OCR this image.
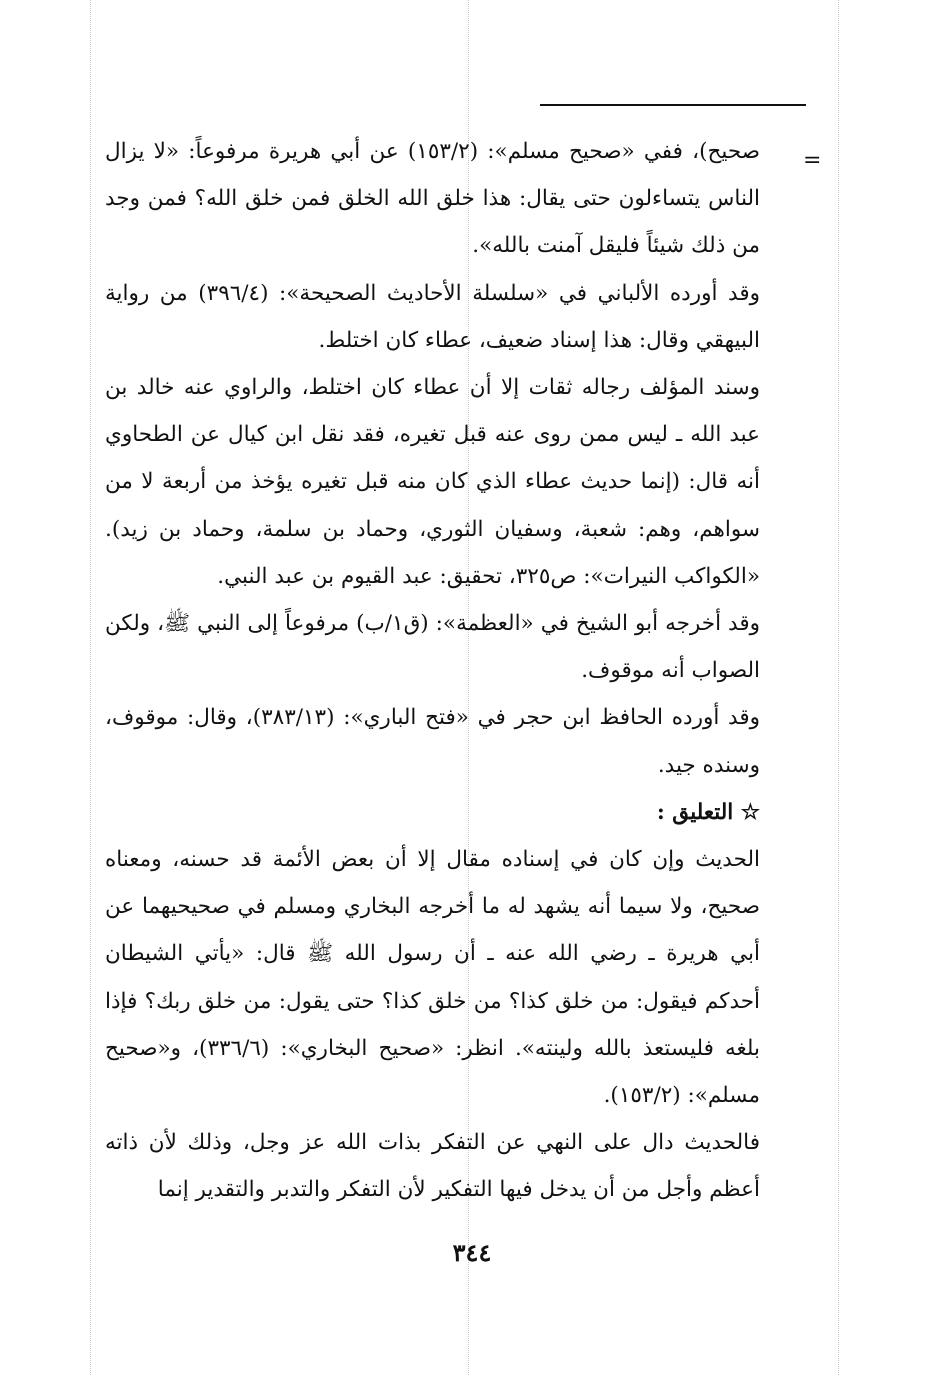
=

صحيح)، ففي «صحيح مسلم»: (١٥٣/٢) عن أبي هريرة مرفوعاً: «لا يزال الناس يتساءلون حتى يقال: هذا خلق الله الخلق فمن خلق الله؟ فمن وجد من ذلك شيئاً فليقل آمنت بالله».

وقد أورده الألباني في «سلسلة الأحاديث الصحيحة»: (٣٩٦/٤) من رواية البيهقي وقال: هذا إسناد ضعيف، عطاء كان اختلط.

وسند المؤلف رجاله ثقات إلا أن عطاء كان اختلط، والراوي عنه خالد بن عبد الله ـ ليس ممن روى عنه قبل تغيره، فقد نقل ابن كيال عن الطحاوي أنه قال: (إنما حديث عطاء الذي كان منه قبل تغيره يؤخذ من أربعة لا من سواهم، وهم: شعبة، وسفيان الثوري، وحماد بن سلمة، وحماد بن زيد). «الكواكب النيرات»: ص٣٢٥، تحقيق: عبد القيوم بن عبد النبي.

وقد أخرجه أبو الشيخ في «العظمة»: (ق١/ب) مرفوعاً إلى النبي ﷺ، ولكن الصواب أنه موقوف.

وقد أورده الحافظ ابن حجر في «فتح الباري»: (٣٨٣/١٣)، وقال: موقوف، وسنده جيد.

☆ التعليق :

الحديث وإن كان في إسناده مقال إلا أن بعض الأئمة قد حسنه، ومعناه صحيح، ولا سيما أنه يشهد له ما أخرجه البخاري ومسلم في صحيحيهما عن أبي هريرة ـ رضي الله عنه ـ أن رسول الله ﷺ قال: «يأتي الشيطان أحدكم فيقول: من خلق كذا؟ من خلق كذا؟ حتى يقول: من خلق ربك؟ فإذا بلغه فليستعذ بالله ولينته». انظر: «صحيح البخاري»: (٣٣٦/٦)، و«صحيح مسلم»: (١٥٣/٢).

فالحديث دال على النهي عن التفكر بذات الله عز وجل، وذلك لأن ذاته أعظم وأجل من أن يدخل فيها التفكير لأن التفكر والتدبر والتقدير إنما

٣٤٤
